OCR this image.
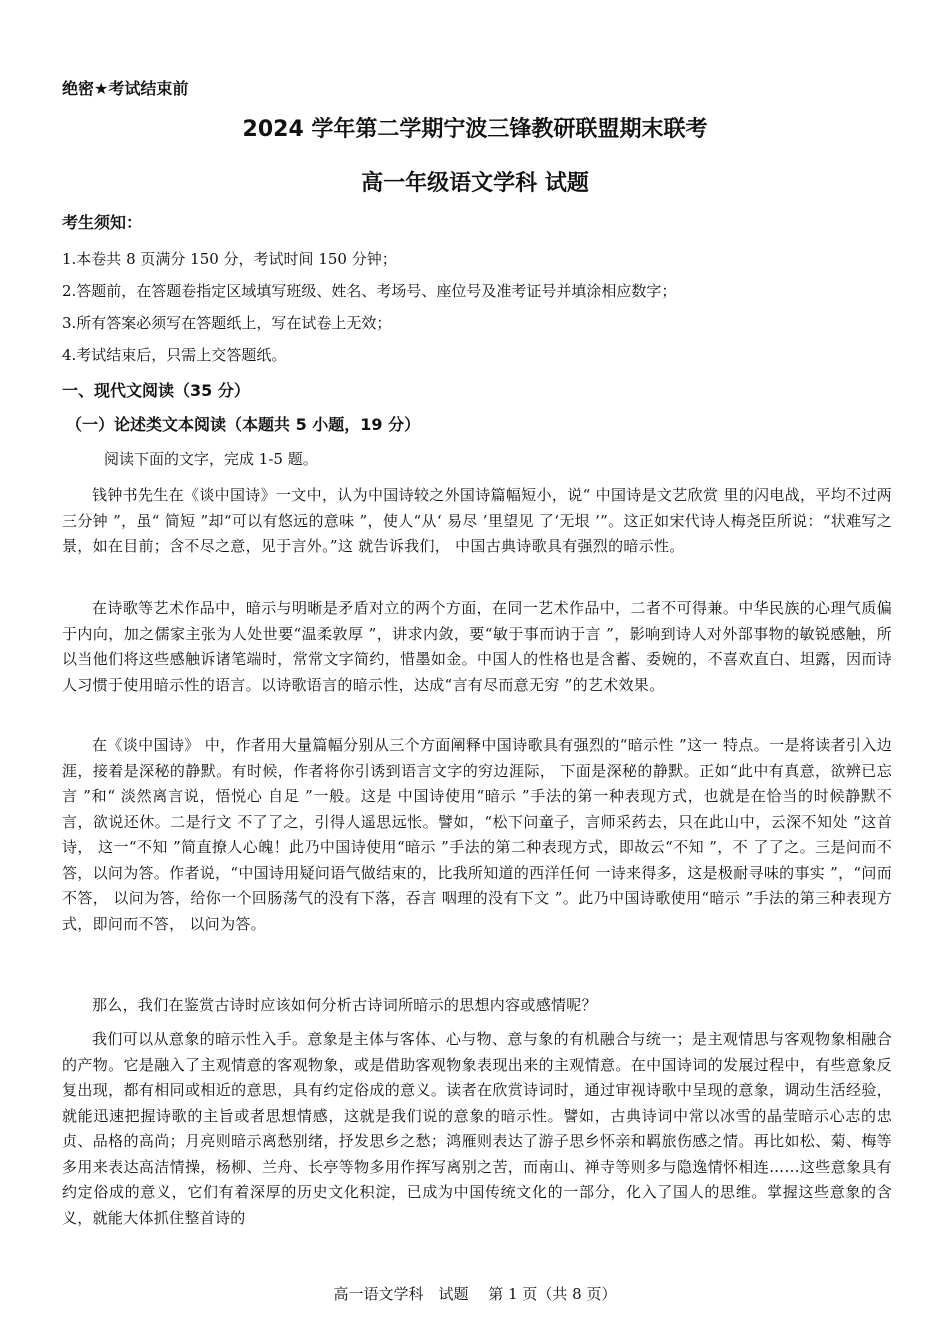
绝密★考试结束前
2024 学年第二学期宁波三锋教研联盟期末联考
高一年级语文学科 试题
考生须知：
1.本卷共 8 页满分 150 分，考试时间 150 分钟；
2.答题前，在答题卷指定区域填写班级、姓名、考场号、座位号及准考证号并填涂相应数字；
3.所有答案必须写在答题纸上，写在试卷上无效；
4.考试结束后，只需上交答题纸。
一、现代文阅读（35 分）
（一）论述类文本阅读（本题共 5 小题，19 分）
阅读下面的文字，完成 1-5 题。

钱钟书先生在《谈中国诗》一文中，认为中国诗较之外国诗篇幅短小，说“ 中国诗是文艺欣赏 里的闪电战，平均不过两三分钟 ”，虽“ 简短 ”却“可以有悠远的意味 ”，使人“从‘ 易尽 ’里望见 了‘无垠 ’”。这正如宋代诗人梅尧臣所说：“状难写之景，如在目前；含不尽之意，见于言外。”这 就告诉我们， 中国古典诗歌具有强烈的暗示性。

在诗歌等艺术作品中，暗示与明晰是矛盾对立的两个方面，在同一艺术作品中，二者不可得兼。中华民族的心理气质偏于内向，加之儒家主张为人处世要“温柔敦厚 ”，讲求内敛，要“敏于事而讷于言 ”，影响到诗人对外部事物的敏锐感触，所以当他们将这些感触诉诸笔端时，常常文字简约，惜墨如金。中国人的性格也是含蓄、委婉的，不喜欢直白、坦露，因而诗人习惯于使用暗示性的语言。以诗歌语言的暗示性，达成“言有尽而意无穷 ”的艺术效果。

在《谈中国诗》 中，作者用大量篇幅分别从三个方面阐释中国诗歌具有强烈的“暗示性 ”这一 特点。一是将读者引入边涯，接着是深秘的静默。有时候，作者将你引诱到语言文字的穷边涯际， 下面是深秘的静默。正如“此中有真意，欲辨已忘言 ”和“ 淡然离言说，悟悦心 自足 ”一般。这是 中国诗使用“暗示 ”手法的第一种表现方式，也就是在恰当的时候静默不言，欲说还休。二是行文 不了了之，引得人遥思远怅。譬如，“松下问童子，言师采药去，只在此山中，云深不知处 ”这首诗， 这一“不知 ”简直撩人心魄！此乃中国诗使用“暗示 ”手法的第二种表现方式，即故云“不知 ”，不 了了之。三是问而不答，以问为答。作者说，“中国诗用疑问语气做结束的，比我所知道的西洋任何 一诗来得多，这是极耐寻味的事实 ”，“问而不答， 以问为答，给你一个回肠荡气的没有下落，吞言 咽理的没有下文 ”。此乃中国诗歌使用“暗示 ”手法的第三种表现方式，即问而不答， 以问为答。

那么，我们在鉴赏古诗时应该如何分析古诗词所暗示的思想内容或感情呢？

我们可以从意象的暗示性入手。意象是主体与客体、心与物、意与象的有机融合与统一；是主观情思与客观物象相融合的产物。它是融入了主观情意的客观物象，或是借助客观物象表现出来的主观情意。在中国诗词的发展过程中，有些意象反复出现，都有相同或相近的意思，具有约定俗成的意义。读者在欣赏诗词时，通过审视诗歌中呈现的意象，调动生活经验，就能迅速把握诗歌的主旨或者思想情感，这就是我们说的意象的暗示性。譬如，古典诗词中常以冰雪的晶莹暗示心志的忠贞、品格的高尚；月亮则暗示离愁别绪，抒发思乡之愁；鸿雁则表达了游子思乡怀亲和羁旅伤感之情。再比如松、菊、梅等多用来表达高洁情操，杨柳、兰舟、长亭等物多用作挥写离别之苦，而南山、禅寺等则多与隐逸情怀相连……这些意象具有约定俗成的意义，它们有着深厚的历史文化积淀，已成为中国传统文化的一部分，化入了国人的思维。掌握这些意象的含义，就能大体抓住整首诗的

高一语文学科　试题　 第 1 页（共 8 页）
